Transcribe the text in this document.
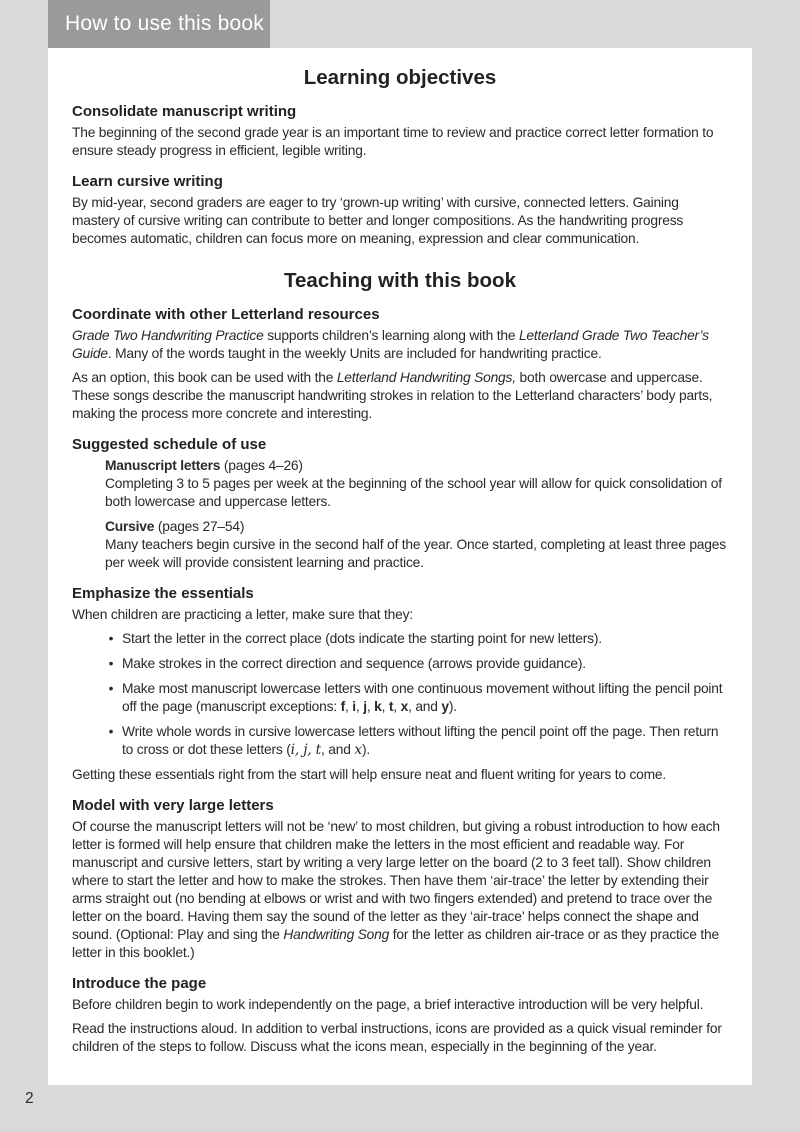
How to use this book
Learning objectives
Consolidate manuscript writing

The beginning of the second grade year is an important time to review and practice correct letter formation to ensure steady progress in efficient, legible writing.

Learn cursive writing

By mid-year, second graders are eager to try ‘grown-up writing’ with cursive, connected letters. Gaining mastery of cursive writing can contribute to better and longer compositions. As the handwriting progress becomes automatic, children can focus more on meaning, expression and clear communication.

Teaching with this book
Coordinate with other Letterland resources

Grade Two Handwriting Practice supports children’s learning along with the Letterland Grade Two Teacher’s Guide. Many of the words taught in the weekly Units are included for handwriting practice.

As an option, this book can be used with the Letterland Handwriting Songs, both owercase and uppercase. These songs describe the manuscript handwriting strokes in relation to the Letterland characters’ body parts, making the process more concrete and interesting.

Suggested schedule of use
Manuscript letters (pages 4–26)
Completing 3 to 5 pages per week at the beginning of the school year will allow for quick consolidation of both lowercase and uppercase letters.
Cursive (pages 27–54)
Many teachers begin cursive in the second half of the year. Once started, completing at least three pages per week will provide consistent learning and practice.
Emphasize the essentials

When children are practicing a letter, make sure that they:

• Start the letter in the correct place (dots indicate the starting point for new letters).
• Make strokes in the correct direction and sequence (arrows provide guidance).
• Make most manuscript lowercase letters with one continuous movement without lifting the pencil point off the page (manuscript exceptions: f, i, j, k, t, x, and y).
• Write whole words in cursive lowercase letters without lifting the pencil point off the page. Then return to cross or dot these letters (i, j, t, and x).

Getting these essentials right from the start will help ensure neat and fluent writing for years to come.

Model with very large letters

Of course the manuscript letters will not be ‘new’ to most children, but giving a robust introduction to how each letter is formed will help ensure that children make the letters in the most efficient and readable way. For manuscript and cursive letters, start by writing a very large letter on the board (2 to 3 feet tall). Show children where to start the letter and how to make the strokes. Then have them ‘air-trace’ the letter by extending their arms straight out (no bending at elbows or wrist and with two fingers extended) and pretend to trace over the letter on the board. Having them say the sound of the letter as they ‘air-trace’ helps connect the shape and sound. (Optional: Play and sing the Handwriting Song for the letter as children air-trace or as they practice the letter in this booklet.)

Introduce the page

Before children begin to work independently on the page, a brief interactive introduction will be very helpful.

Read the instructions aloud. In addition to verbal instructions, icons are provided as a quick visual reminder for children of the steps to follow. Discuss what the icons mean, especially in the beginning of the year.

2
